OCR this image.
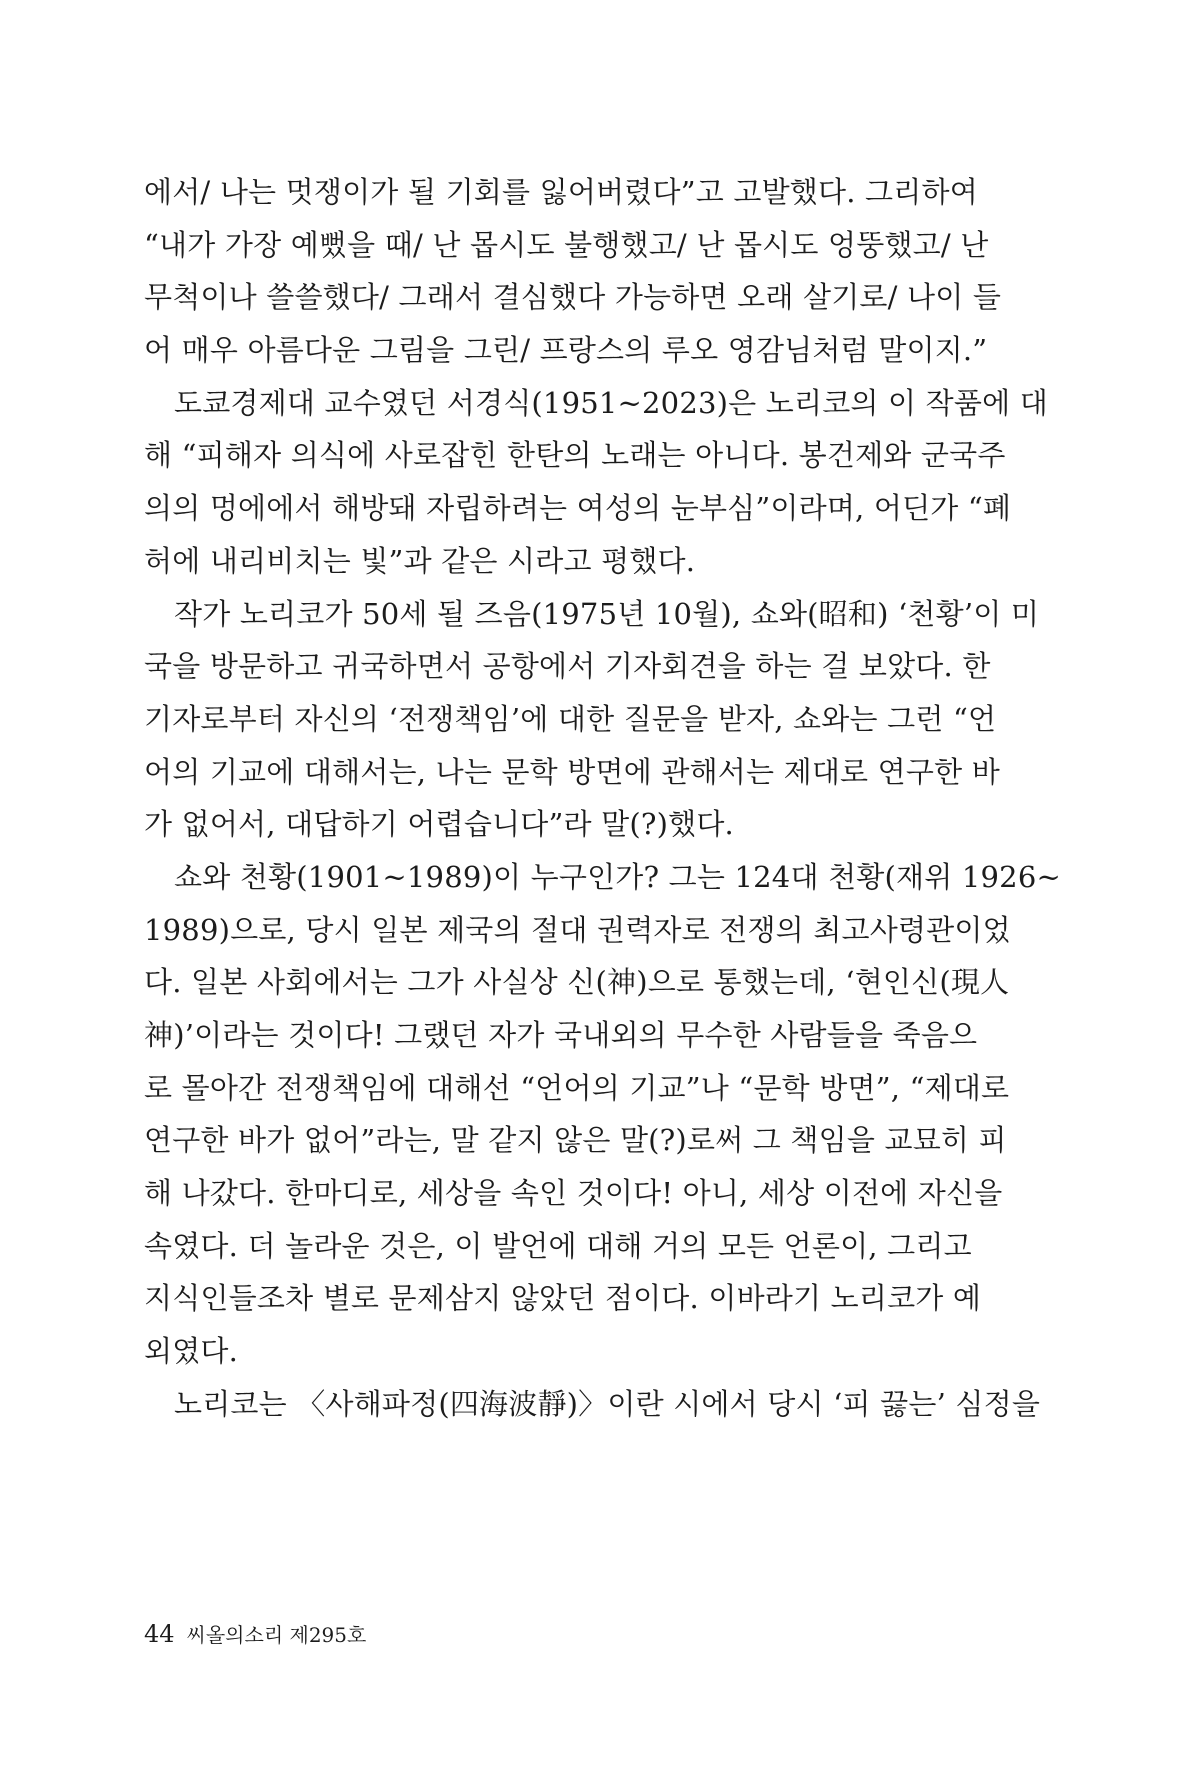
에서/ 나는 멋쟁이가 될 기회를 잃어버렸다”고 고발했다. 그리하여
“내가 가장 예뻤을 때/ 난 몹시도 불행했고/ 난 몹시도 엉뚱했고/ 난
무척이나 쓸쓸했다/ 그래서 결심했다 가능하면 오래 살기로/ 나이 들
어 매우 아름다운 그림을 그린/ 프랑스의 루오 영감님처럼 말이지.”
도쿄경제대 교수였던 서경식(1951~2023)은 노리코의 이 작품에 대
해 “피해자 의식에 사로잡힌 한탄의 노래는 아니다. 봉건제와 군국주
의의 멍에에서 해방돼 자립하려는 여성의 눈부심”이라며, 어딘가 “폐
허에 내리비치는 빛”과 같은 시라고 평했다.
작가 노리코가 50세 될 즈음(1975년 10월), 쇼와(昭和) ‘천황’이 미
국을 방문하고 귀국하면서 공항에서 기자회견을 하는 걸 보았다. 한
기자로부터 자신의 ‘전쟁책임’에 대한 질문을 받자, 쇼와는 그런 “언
어의 기교에 대해서는, 나는 문학 방면에 관해서는 제대로 연구한 바
가 없어서, 대답하기 어렵습니다”라 말(?)했다.
쇼와 천황(1901~1989)이 누구인가? 그는 124대 천황(재위 1926~
1989)으로, 당시 일본 제국의 절대 권력자로 전쟁의 최고사령관이었
다. 일본 사회에서는 그가 사실상 신(神)으로 통했는데, ‘현인신(現人
神)’이라는 것이다! 그랬던 자가 국내외의 무수한 사람들을 죽음으
로 몰아간 전쟁책임에 대해선 “언어의 기교”나 “문학 방면”, “제대로
연구한 바가 없어”라는, 말 같지 않은 말(?)로써 그 책임을 교묘히 피
해 나갔다. 한마디로, 세상을 속인 것이다! 아니, 세상 이전에 자신을
속였다. 더 놀라운 것은, 이 발언에 대해 거의 모든 언론이, 그리고
지식인들조차 별로 문제삼지 않았던 점이다. 이바라기 노리코가 예
외였다.
노리코는 〈사해파정(四海波靜)〉이란 시에서 당시 ‘피 끓는’ 심정을
44 씨올의소리 제295호
